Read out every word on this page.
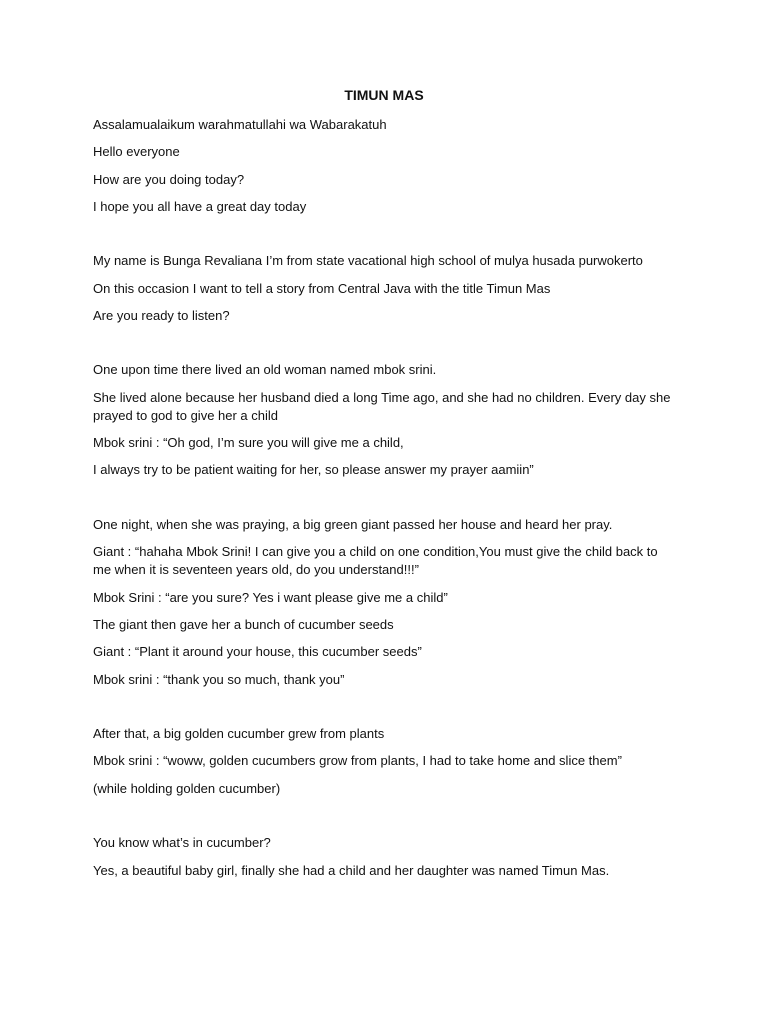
TIMUN MAS
Assalamualaikum warahmatullahi wa Wabarakatuh
Hello everyone
How are you doing today?
I hope you all have a great day today
My name is Bunga Revaliana I’m from state vacational high school of mulya husada purwokerto
On this occasion I want to tell a story from Central Java with the title Timun Mas
Are you ready to listen?
One upon time there lived an old woman named mbok srini.
She lived alone because her husband died a long Time ago, and she had no children. Every day she prayed to god to give her a child
Mbok srini : “Oh god, I’m sure you will give me a child,
I always try to be patient waiting for her, so please answer my prayer aamiin”
One night, when she was praying, a big green giant passed her house and heard her pray.
Giant : “hahaha Mbok Srini! I can give you a child on one condition,You must give the child back to me when it is seventeen years old, do you understand!!!”
Mbok Srini : “are you sure? Yes i want please give me a child”
The giant then gave her a bunch of cucumber seeds
Giant : “Plant it around your house, this cucumber seeds”
Mbok srini : “thank you so much, thank you”
After that, a big golden cucumber grew from plants
Mbok srini : “woww, golden cucumbers grow from plants, I had to take home and slice them”
(while holding golden cucumber)
You know what’s in cucumber?
Yes, a beautiful baby girl, finally she had a child and her daughter was named Timun Mas.
